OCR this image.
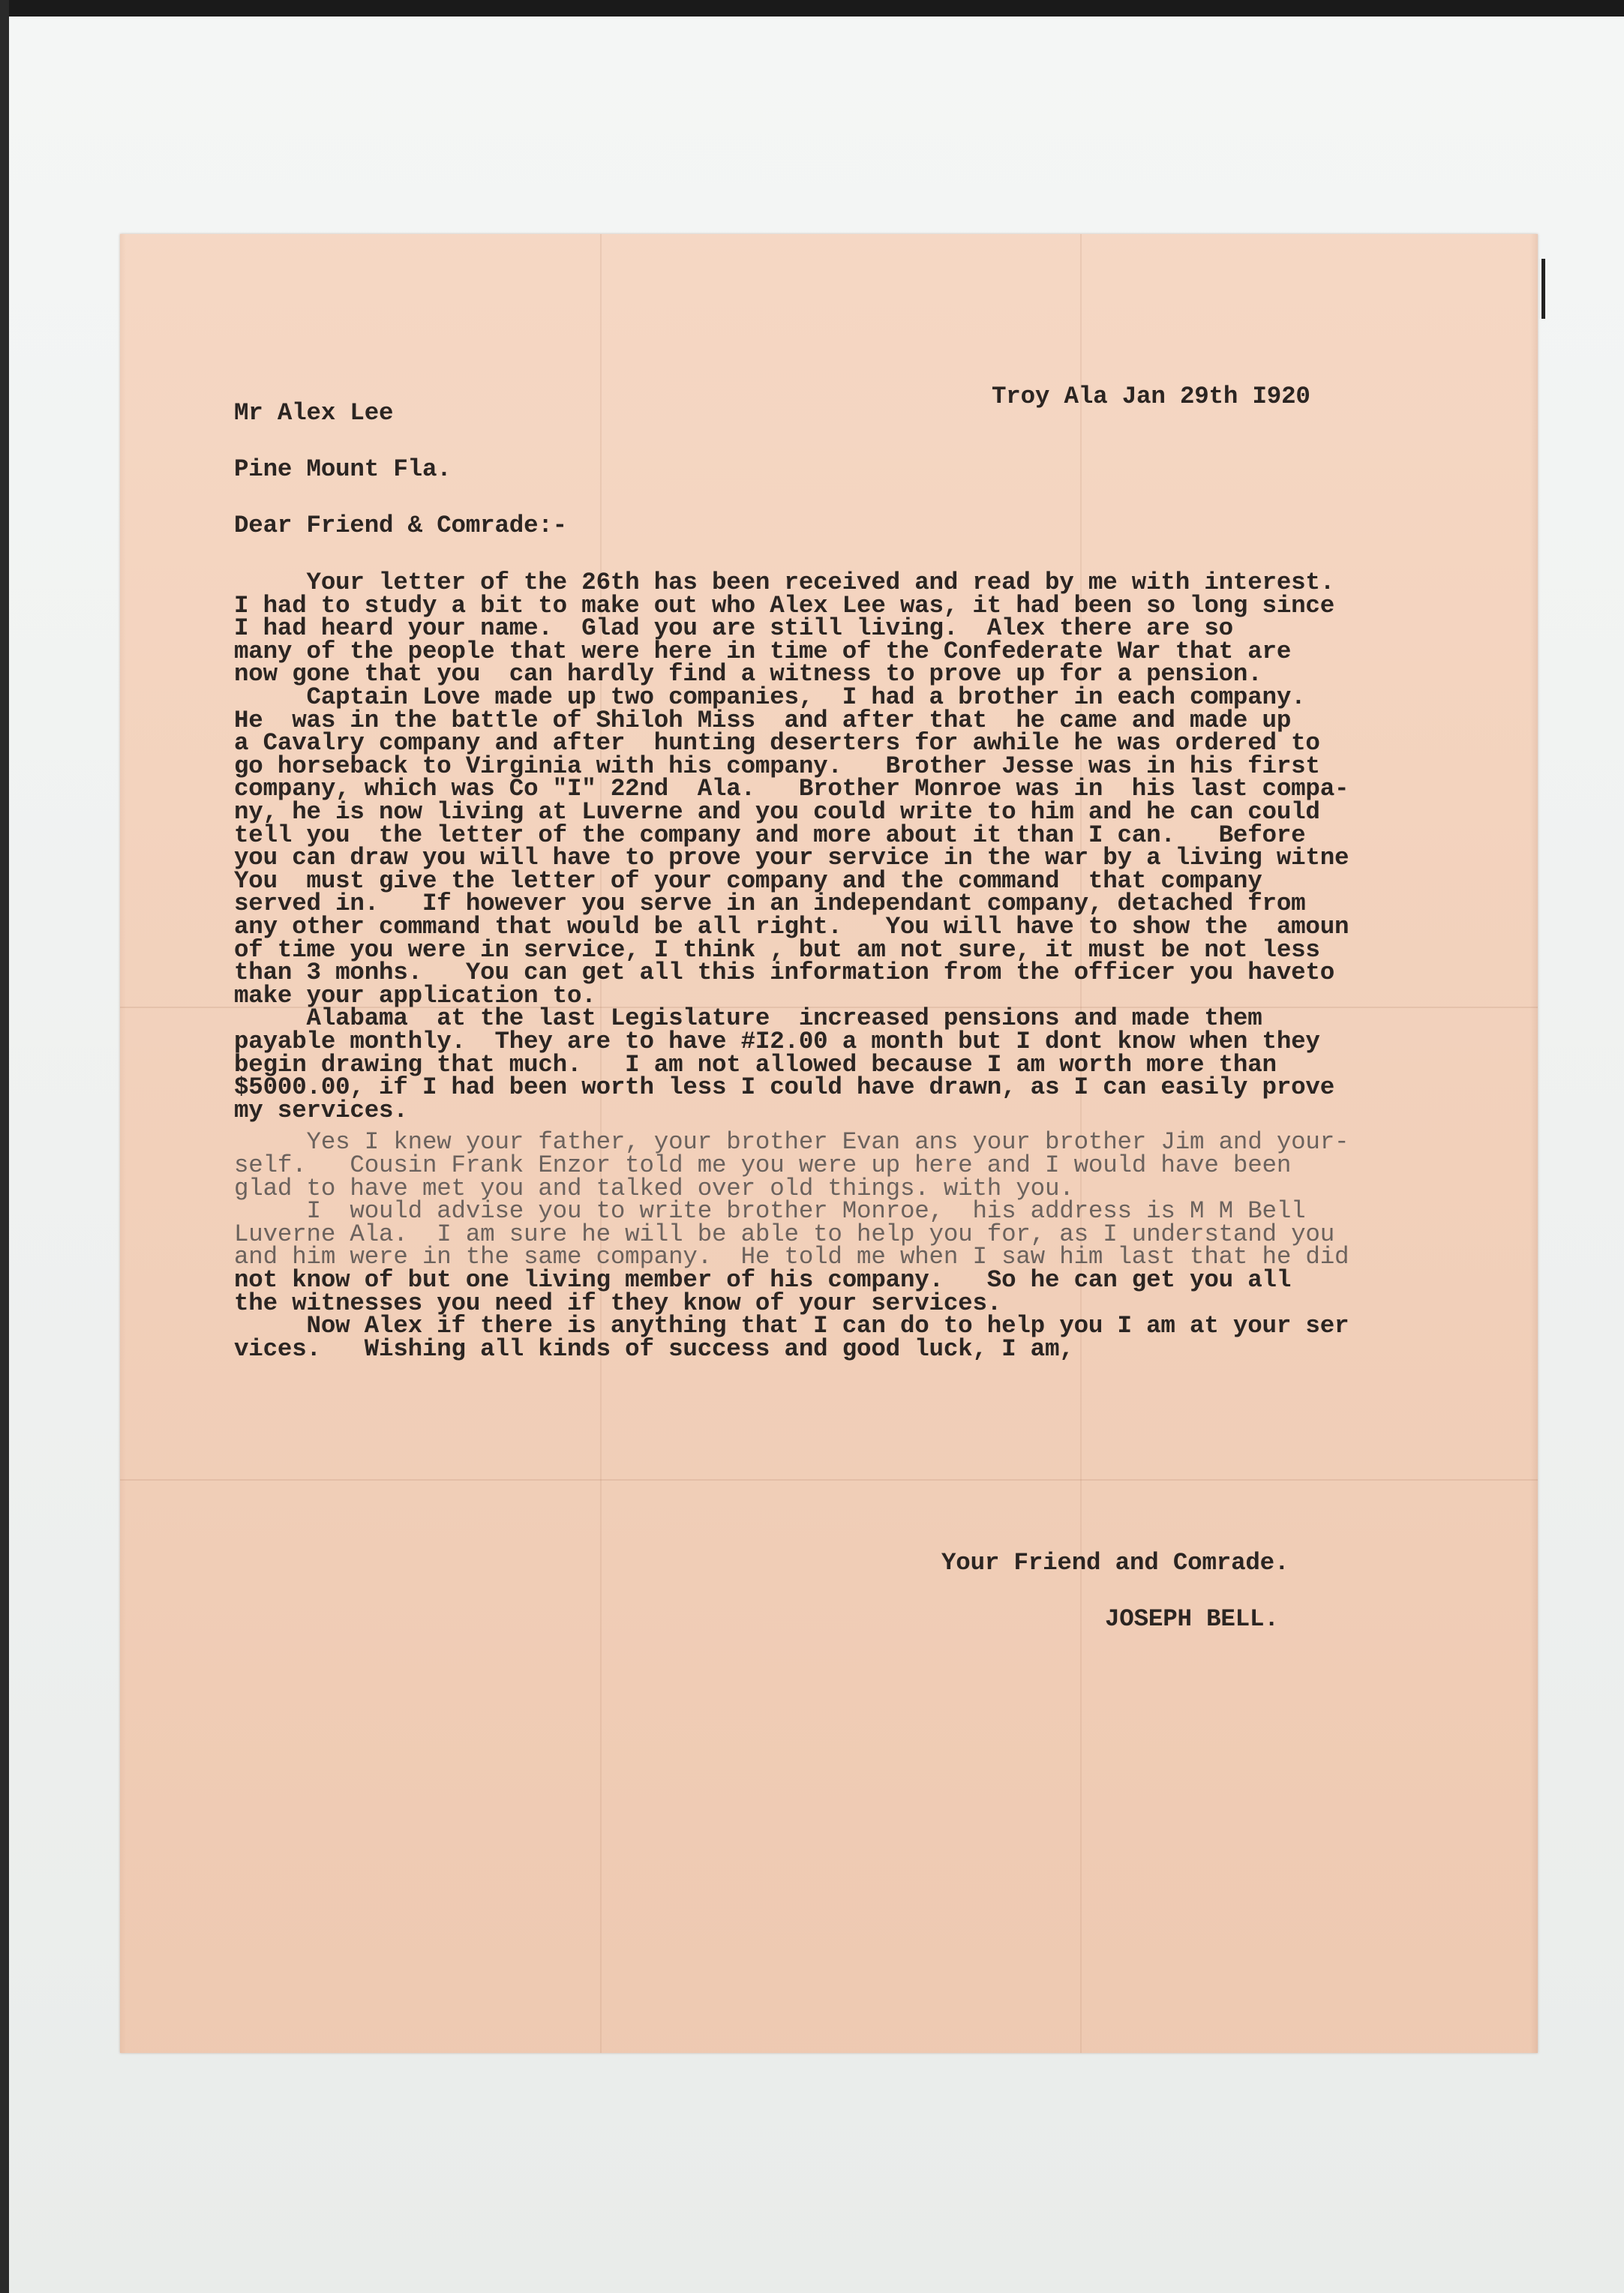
Troy Ala Jan 29th I920
Mr Alex Lee
Pine Mount Fla.
Dear Friend & Comrade:-
Your letter of the 26th has been received and read by me with interest.
I had to study a bit to make out who Alex Lee was, it had been so long since
I had heard your name.  Glad you are still living.  Alex there are so
many of the people that were here in time of the Confederate War that are
now gone that you  can hardly find a witness to prove up for a pension.
Captain Love made up two companies,  I had a brother in each company.
He  was in the battle of Shiloh Miss  and after that  he came and made up
a Cavalry company and after  hunting deserters for awhile he was ordered to
go horseback to Virginia with his company.   Brother Jesse was in his first
company, which was Co "I" 22nd  Ala.   Brother Monroe was in  his last compa-
ny, he is now living at Luverne and you could write to him and he can could
tell you  the letter of the company and more about it than I can.   Before
you can draw you will have to prove your service in the war by a living witne
You  must give the letter of your company and the command  that company
served in.   If however you serve in an independant company, detached from
any other command that would be all right.   You will have to show the  amoun
of time you were in service, I think , but am not sure, it must be not less
than 3 monhs.   You can get all this information from the officer you haveto
make your application to.
Alabama  at the last Legislature  increased pensions and made them
payable monthly.  They are to have #I2.00 a month but I dont know when they
begin drawing that much.   I am not allowed because I am worth more than
$5000.00, if I had been worth less I could have drawn, as I can easily prove
my services.
Yes I knew your father, your brother Evan ans your brother Jim and your-
self.   Cousin Frank Enzor told me you were up here and I would have been
glad to have met you and talked over old things. with you.
I  would advise you to write brother Monroe,  his address is M M Bell
Luverne Ala.  I am sure he will be able to help you for, as I understand you
and him were in the same company.  He told me when I saw him last that he did
not know of but one living member of his company.   So he can get you all
the witnesses you need if they know of your services.
Now Alex if there is anything that I can do to help you I am at your ser
vices.   Wishing all kinds of success and good luck, I am,
Your Friend and Comrade.
JOSEPH BELL.
